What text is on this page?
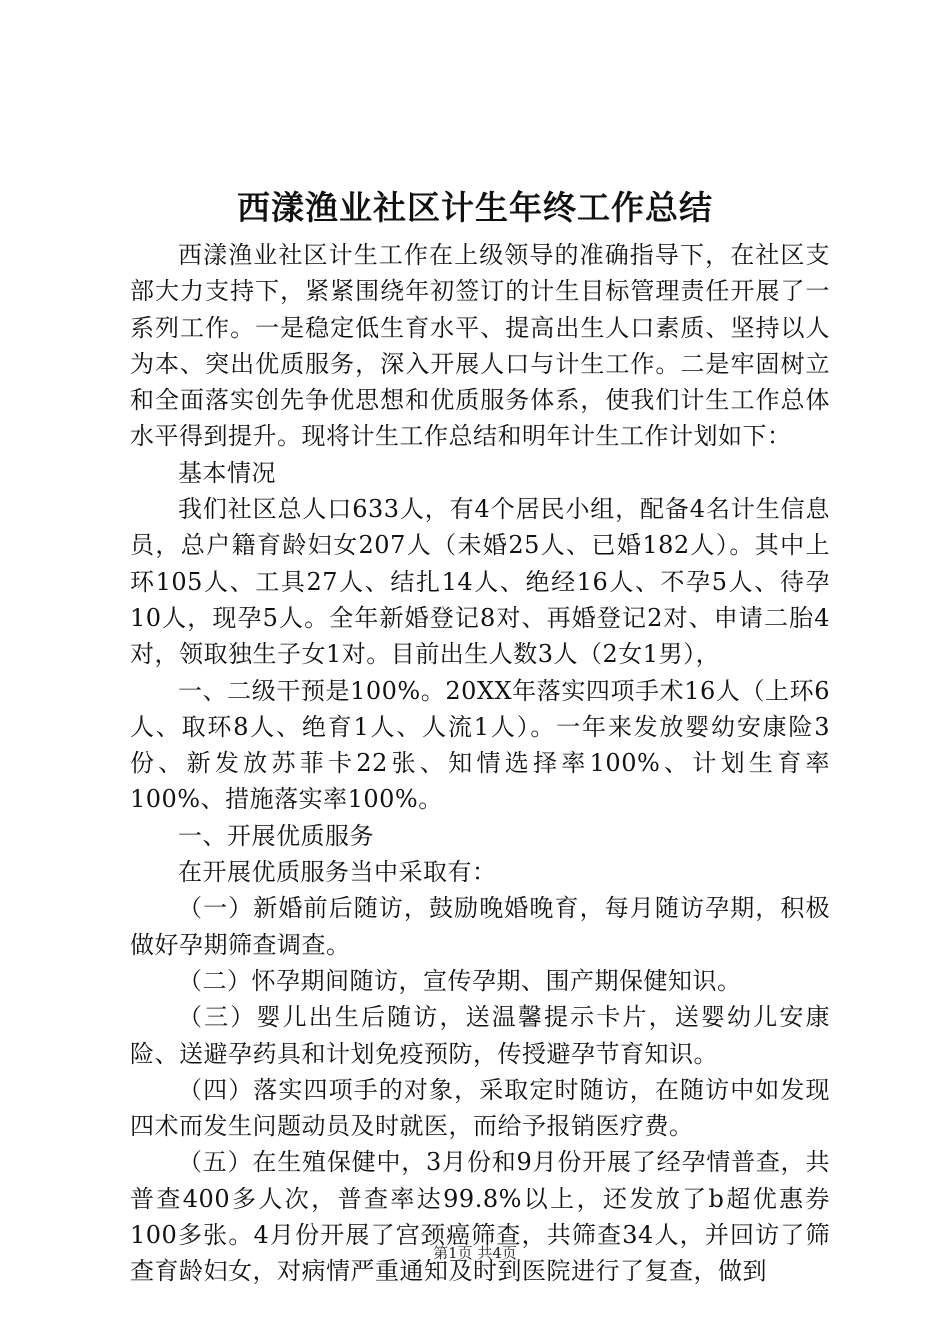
西漾渔业社区计生年终工作总结

西漾渔业社区计生工作在上级领导的准确指导下，在社区支部大力支持下，紧紧围绕年初签订的计生目标管理责任开展了一系列工作。一是稳定低生育水平、提高出生人口素质、坚持以人为本、突出优质服务，深入开展人口与计生工作。二是牢固树立和全面落实创先争优思想和优质服务体系，使我们计生工作总体水平得到提升。现将计生工作总结和明年计生工作计划如下：

基本情况

我们社区总人口633人，有4个居民小组，配备4名计生信息员，总户籍育龄妇女207人（未婚25人、已婚182人）。其中上环105人、工具27人、结扎14人、绝经16人、不孕5人、待孕10人，现孕5人。全年新婚登记8对、再婚登记2对、申请二胎4对，领取独生子女1对。目前出生人数3人（2女1男），

一、二级干预是100%。20XX年落实四项手术16人（上环6人、取环8人、绝育1人、人流1人）。一年来发放婴幼安康险3份、新发放苏菲卡22张、知情选择率100%、计划生育率100%、措施落实率100%。

一、开展优质服务

在开展优质服务当中采取有：

（一）新婚前后随访，鼓励晚婚晚育，每月随访孕期，积极做好孕期筛查调查。

（二）怀孕期间随访，宣传孕期、围产期保健知识。

（三）婴儿出生后随访，送温馨提示卡片，送婴幼儿安康险、送避孕药具和计划免疫预防，传授避孕节育知识。

（四）落实四项手的对象，采取定时随访，在随访中如发现四术而发生问题动员及时就医，而给予报销医疗费。

（五）在生殖保健中，3月份和9月份开展了经孕情普查，共普查400多人次，普查率达99.8%以上，还发放了b超优惠券100多张。4月份开展了宫颈癌筛查，共筛查34人，并回访了筛查育龄妇女，对病情严重通知及时到医院进行了复查，做到

第1页 共4页
